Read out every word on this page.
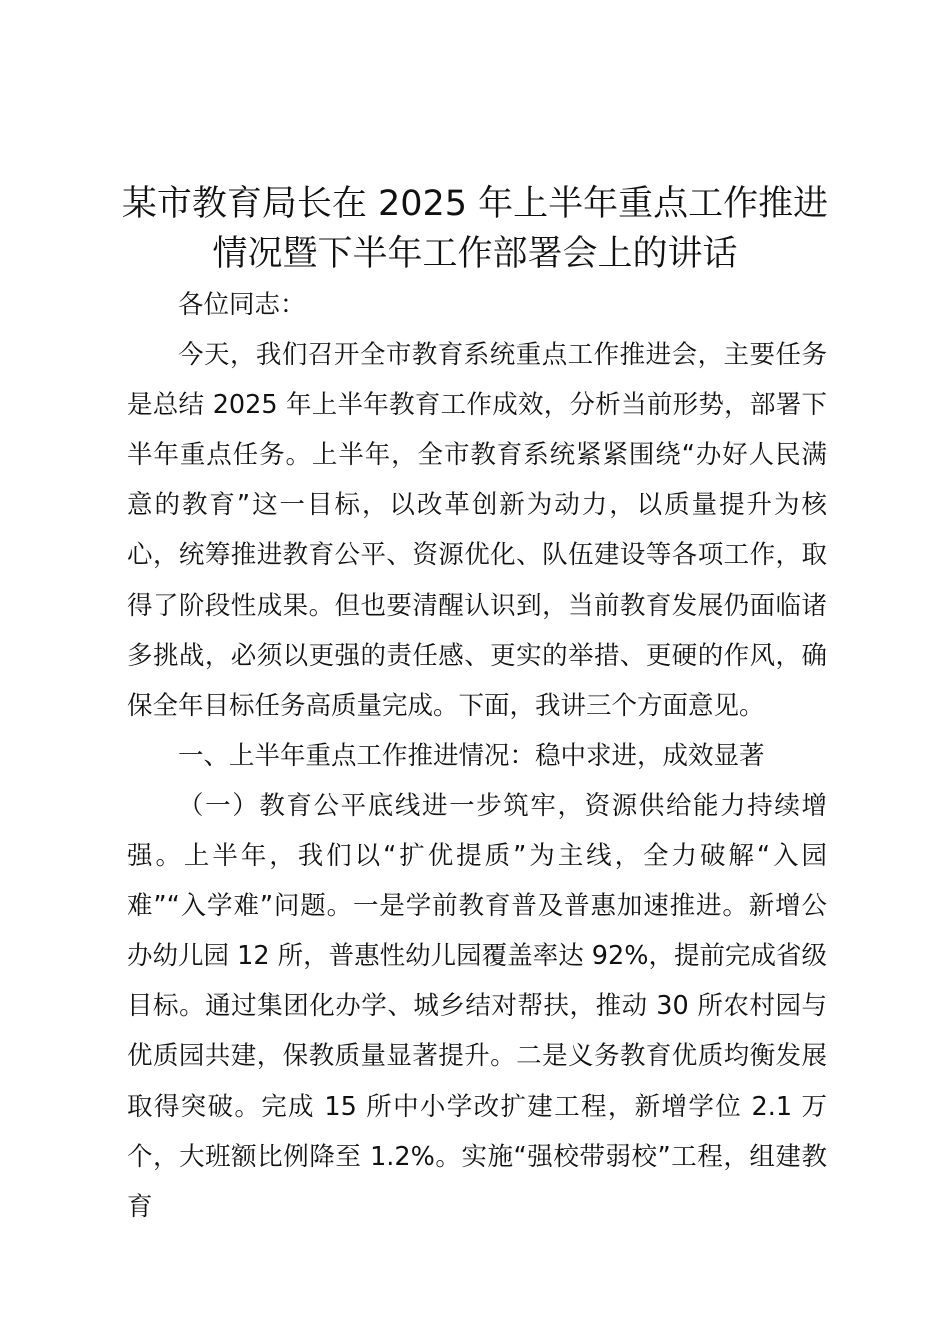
某市教育局长在 2025 年上半年重点工作推进
情况暨下半年工作部署会上的讲话

各位同志：

今天，我们召开全市教育系统重点工作推进会，主要任务是总结 2025 年上半年教育工作成效，分析当前形势，部署下半年重点任务。上半年，全市教育系统紧紧围绕“办好人民满意的教育”这一目标，以改革创新为动力，以质量提升为核心，统筹推进教育公平、资源优化、队伍建设等各项工作，取得了阶段性成果。但也要清醒认识到，当前教育发展仍面临诸多挑战，必须以更强的责任感、更实的举措、更硬的作风，确保全年目标任务高质量完成。下面，我讲三个方面意见。

一、上半年重点工作推进情况：稳中求进，成效显著

（一）教育公平底线进一步筑牢，资源供给能力持续增强。上半年，我们以“扩优提质”为主线，全力破解“入园难”“入学难”问题。一是学前教育普及普惠加速推进。新增公办幼儿园 12 所，普惠性幼儿园覆盖率达 92%，提前完成省级目标。通过集团化办学、城乡结对帮扶，推动 30 所农村园与优质园共建，保教质量显著提升。二是义务教育优质均衡发展取得突破。完成 15 所中小学改扩建工程，新增学位 2.1 万个，大班额比例降至 1.2%。实施“强校带弱校”工程，组建教育
